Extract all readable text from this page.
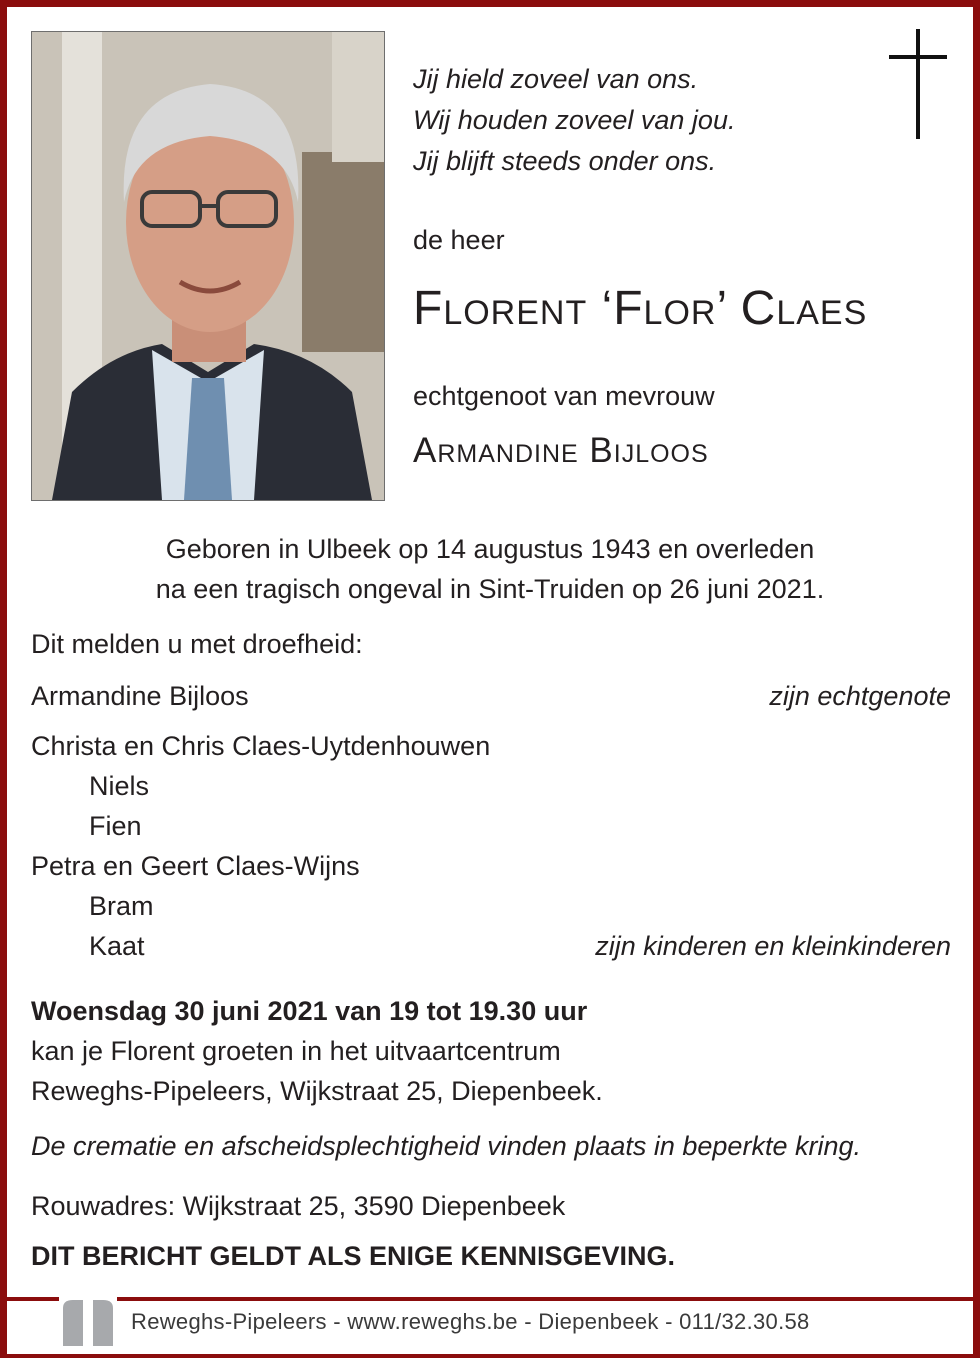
Jij hield zoveel van ons.
Wij houden zoveel van jou.
Jij blijft steeds onder ons.
de heer
Florent ‘Flor’ Claes
echtgenoot van mevrouw
Armandine Bijloos
Geboren in Ulbeek op 14 augustus 1943 en overleden
na een tragisch ongeval in Sint-Truiden op 26 juni 2021.
Dit melden u met droefheid:
Armandine Bijloos	zijn echtgenote
Christa en Chris Claes-Uytdenhouwen
Niels
Fien
Petra en Geert Claes-Wijns
Bram
Kaat	zijn kinderen en kleinkinderen
Woensdag 30 juni 2021 van 19 tot 19.30 uur
kan je Florent groeten in het uitvaartcentrum
Reweghs-Pipeleers, Wijkstraat 25, Diepenbeek.
De crematie en afscheidsplechtigheid vinden plaats in beperkte kring.
Rouwadres: Wijkstraat 25, 3590 Diepenbeek
DIT BERICHT GELDT ALS ENIGE KENNISGEVING.
Reweghs-Pipeleers - www.reweghs.be - Diepenbeek - 011/32.30.58
